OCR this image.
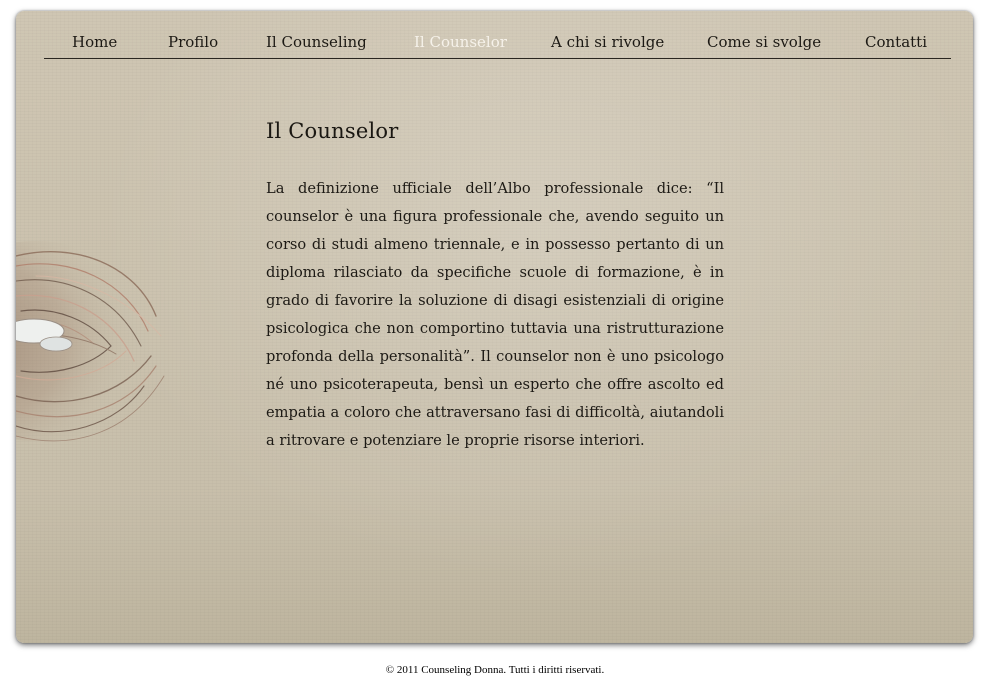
Home	Profilo	Il Counseling	Il Counselor	A chi si rivolge	Come si svolge	Contatti
Il Counselor

La definizione ufficiale dell’Albo professionale dice: “Il counselor è una figura professionale che, avendo seguito un corso di studi almeno triennale, e in possesso pertanto di un diploma rilasciato da specifiche scuole di formazione, è in grado di favorire la soluzione di disagi esistenziali di origine psicologica che non comportino tuttavia una ristrutturazione profonda della personalità”. Il counselor non è uno psicologo né uno psicoterapeuta, bensì un esperto che offre ascolto ed empatia a coloro che attraversano fasi di difficoltà, aiutandoli a ritrovare e potenziare le proprie risorse interiori.

© 2011 Counseling Donna. Tutti i diritti riservati.
